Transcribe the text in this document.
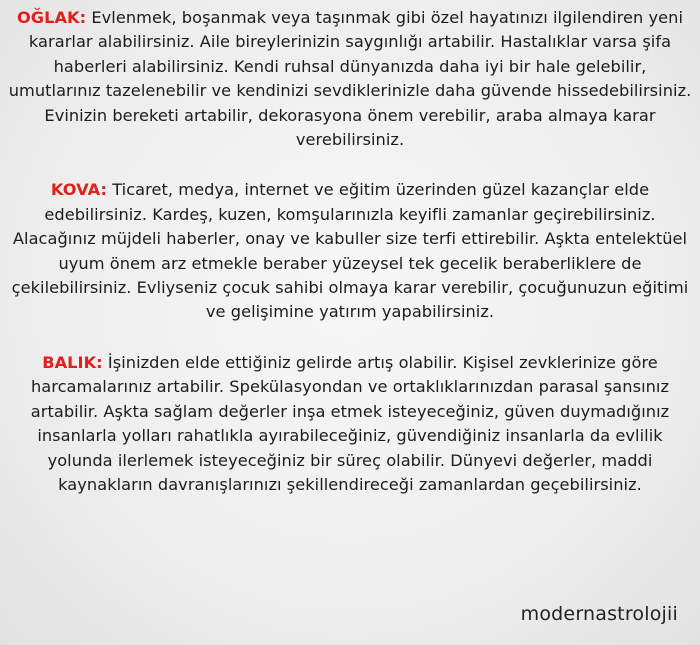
OĞLAK: Evlenmek, boşanmak veya taşınmak gibi özel hayatınızı ilgilendiren yeni kararlar alabilirsiniz. Aile bireylerinizin saygınlığı artabilir. Hastalıklar varsa şifa haberleri alabilirsiniz. Kendi ruhsal dünyanızda daha iyi bir hale gelebilir, umutlarınız tazelenebilir ve kendinizi sevdiklerinizle daha güvende hissedebilirsiniz. Evinizin bereketi artabilir, dekorasyona önem verebilir, araba almaya karar verebilirsiniz.

KOVA: Ticaret, medya, internet ve eğitim üzerinden güzel kazançlar elde edebilirsiniz. Kardeş, kuzen, komşularınızla keyifli zamanlar geçirebilirsiniz. Alacağınız müjdeli haberler, onay ve kabuller size terfi ettirebilir. Aşkta entelektüel uyum önem arz etmekle beraber yüzeysel tek gecelik beraberliklere de çekilebilirsiniz. Evliyseniz çocuk sahibi olmaya karar verebilir, çocuğunuzun eğitimi ve gelişimine yatırım yapabilirsiniz.

BALIK: İşinizden elde ettiğiniz gelirde artış olabilir. Kişisel zevklerinize göre harcamalarınız artabilir. Spekülasyondan ve ortaklıklarınızdan parasal şansınız artabilir. Aşkta sağlam değerler inşa etmek isteyeceğiniz, güven duymadığınız insanlarla yolları rahatlıkla ayırabileceğiniz, güvendiğiniz insanlarla da evlilik yolunda ilerlemek isteyeceğiniz bir süreç olabilir. Dünyevi değerler, maddi kaynakların davranışlarınızı şekillendireceği zamanlardan geçebilirsiniz.

modernastrolojii
